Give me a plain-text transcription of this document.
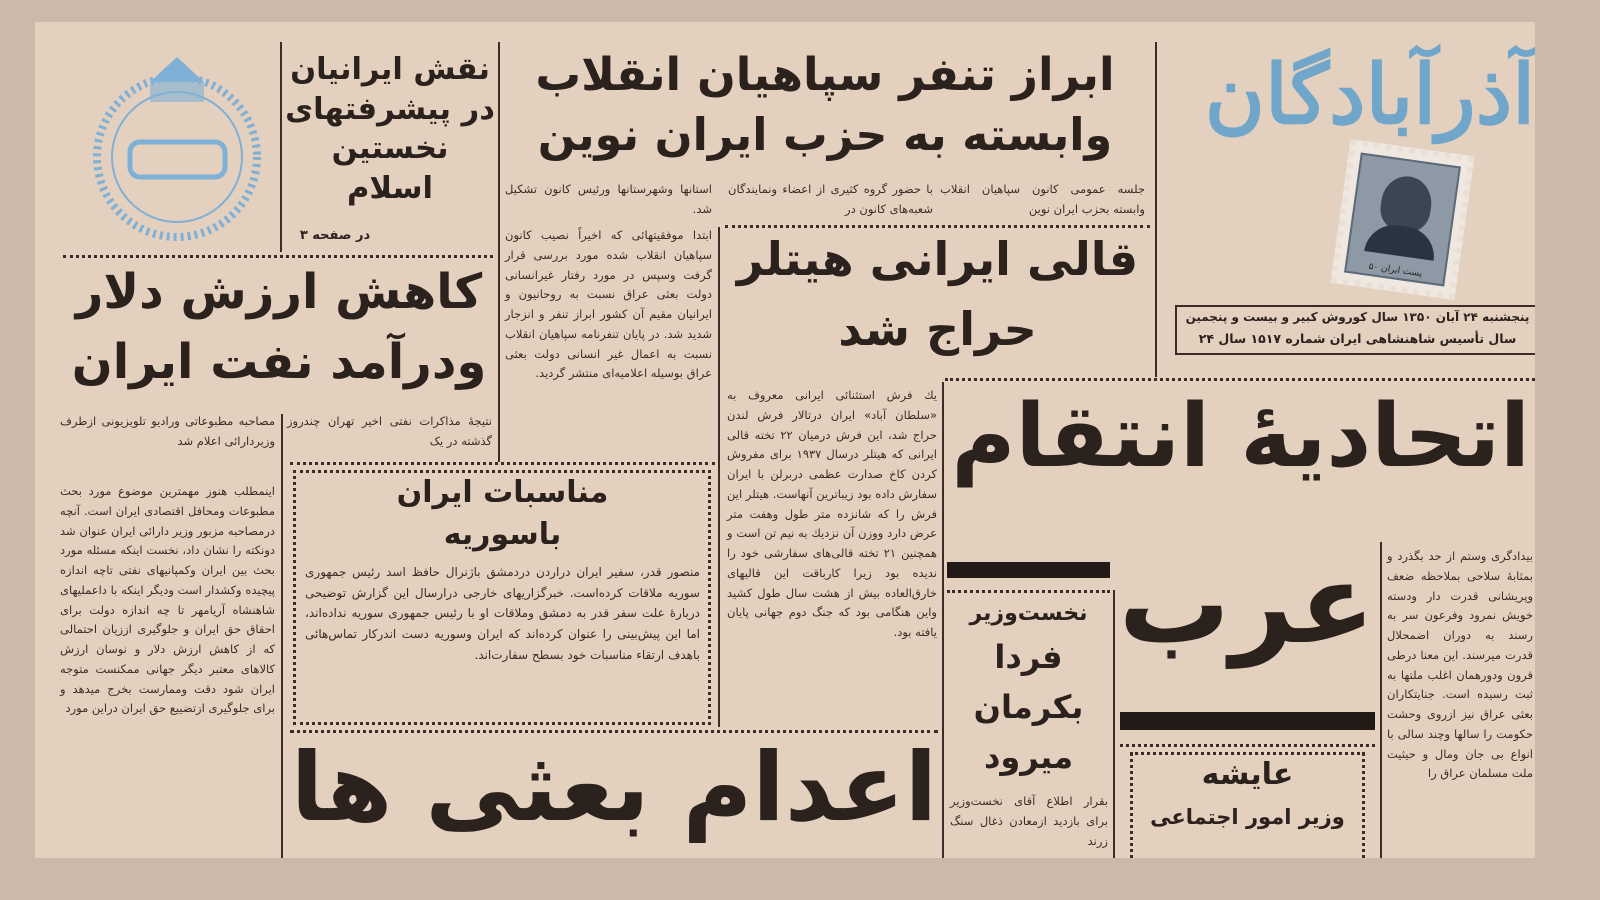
نقش ایرانیان در پیشرفتهای نخستین اسلام
در صفحه ۳
ابراز تنفر سپاهیان انقلاب
وابسته به حزب ایران نوین
جلسه عمومی کانون سپاهیان انقلاب وابسته بحزب ایران نوین
با حضور گروه کثیری از اعضاء ونمایندگان شعبه‌های کانون در
استانها وشهرستانها ورئیس کانون تشکیل شد.
ابتدا موفقیتهائی که اخیراً نصیب کانون سپاهیان انقلاب شده مورد بررسی قرار گرفت وسپس در مورد رفتار غیرانسانی دولت بعثی عراق نسبت به روحانیون و ایرانیان مقیم آن کشور ابراز تنفر و انزجار شدید شد. در پایان تنفرنامه سپاهیان انقلاب نسبت به اعمال غیر انسانی دولت بعثی عراق بوسیله اعلامیه‌ای منتشر گردید.
آذرآبادگان
پست ایران ۵۰
پنجشنبه ۲۴ آبان ۱۳۵۰ سال کوروش کبیر و بیست و پنجمین
سال تأسیس شاهنشاهی ایران شماره ۱۵۱۷ سال ۲۴
کاهش ارزش دلار
ودرآمد نفت ایران
مصاحبه مطبوعاتی ورادیو تلویزیونی ازطرف وزیردارائی اعلام شد
نتیجهٔ مذاکرات نفتی اخیر تهران چندروز گذشته در یک
اینمطلب هنوز مهمترین موضوع مورد بحث مطبوعات ومحافل اقتصادی ایران است. آنچه درمصاحبه مزبور وزیر دارائی ایران عنوان شد دونکته را نشان داد، نخست اینکه مسئله مورد بحث بین ایران وکمپانیهای نفتی تاچه اندازه پیچیده وکشدار است ودیگر اینکه با داعملیهای شاهنشاه آریامهر تا چه اندازه دولت برای احقاق حق ایران و جلوگیری اززیان احتمالی که از کاهش ارزش دلار و نوسان ارزش کالاهای معتبر دیگر جهانی ممکنست متوجه ایران شود دقت وممارست بخرج میدهد و برای جلوگیری ازتضییع حق ایران دراین مورد
قالی ایرانی هیتلر
حراج شد
یك فرش استثنائی ایرانی معروف به «سلطان آباد» ایران درتالار فرش لندن حراج شد، این فرش درمیان ۲۲ تخته قالی ایرانی که هیتلر درسال ۱۹۳۷ برای مفروش کردن کاخ صدارت عظمی دربرلن با ایران سفارش داده بود زیباترین آنهاست. هیتلر این فرش را که شانزده متر طول وهفت متر عرض دارد ووزن آن نزدیك به نیم تن است و همچنین ۲۱ تخته قالی‌های سفارشی خود را ندیده بود زیرا کارباقت این قالیهای خارق‌العاده بیش از هشت سال طول کشید واین هنگامی بود که جنگ دوم جهانی پایان یافته بود.
مناسبات ایران
باسوریه
منصور قدر، سفیر ایران دراردن دردمشق باژنرال حافظ اسد رئیس جمهوری سوریه ملاقات کرده‌است. خبرگزاریهای خارجی درارسال این گزارش توضیحی دربارهٔ علت سفر قدر به دمشق وملاقات او با رئیس جمهوری سوریه نداده‌اند، اما این پیش‌بینی را عنوان کرده‌اند که ایران وسوریه دست اندرکار تماس‌هائی باهدف ارتقاء مناسبات خود بسطح سفارت‌اند.
اتحادیهٔ انتقام
عرب
نخست‌وزیر
فردا
بکرمان
میرود
بقرار اطلاع آقای نخست‌وزیر برای بازدید ازمعادن ذغال سنگ زرند
عایشه
وزیر امور اجتماعی
بیدادگری وستم از حد بگذرد و بمثابهٔ سلاحی بملاحظه ضعف وپریشانی قدرت دار ودسته خویش نمرود وفرعون سر به رسند به دوران اضمحلال قدرت میرسند. این معنا درطی قرون ودورهمان اغلب ملتها به ثبت رسیده است. جنایتکاران بعثی عراق نیز ازروی وحشت حکومت را سالها وچند سالی با انواع بی جان ومال و حیثیت ملت مسلمان عراق را
اعدام بعثی ها
